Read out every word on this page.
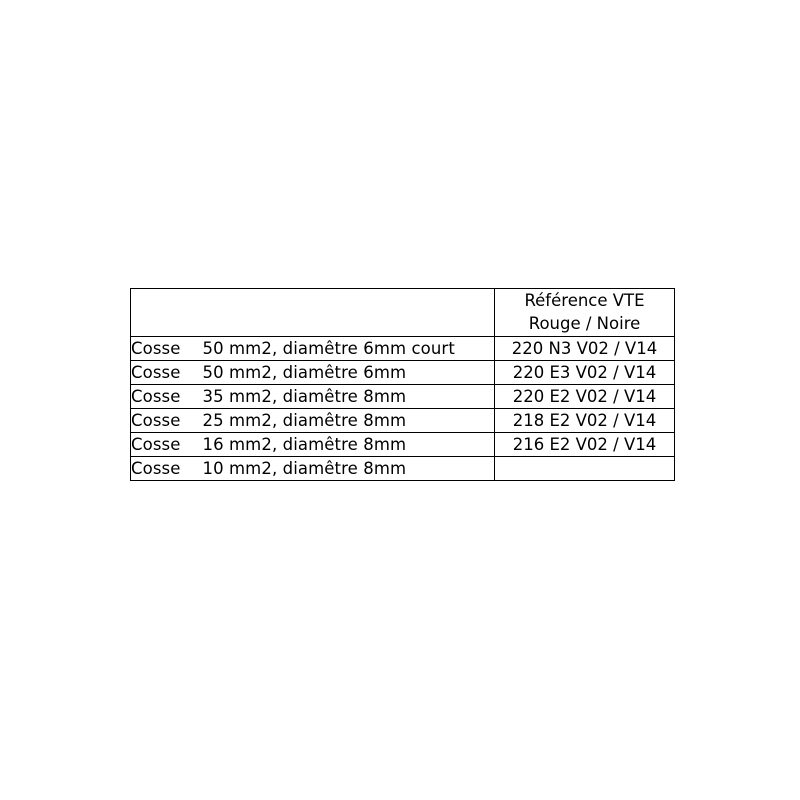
	Référence VTE
Rouge / Noire

Cosse 50 mm2, diamêtre 6mm court	220 N3 V02 / V14
Cosse 50 mm2, diamêtre 6mm	220 E3 V02 / V14
Cosse 35 mm2, diamêtre 8mm	220 E2 V02 / V14
Cosse 25 mm2, diamêtre 8mm	218 E2 V02 / V14
Cosse 16 mm2, diamêtre 8mm	216 E2 V02 / V14
Cosse 10 mm2, diamêtre 8mm	
